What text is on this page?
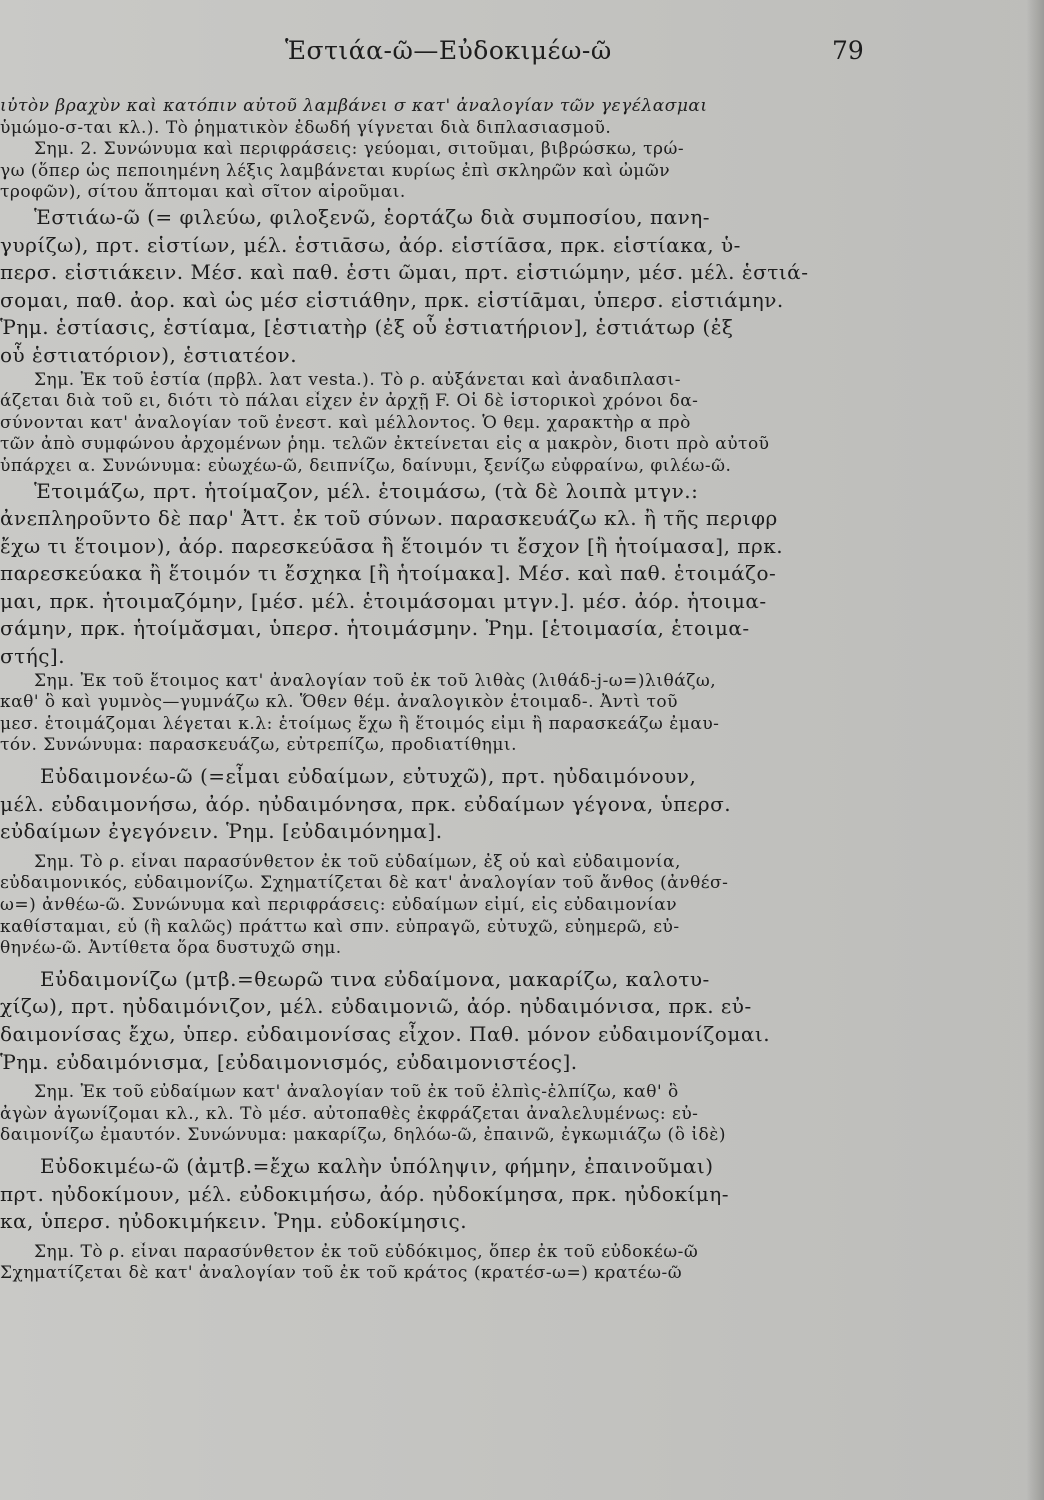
Ἑστιάα-ῶ—Εὐδοκιμέω-ῶ	79
ιὐτὸν βραχὺν καὶ κατόπιν αὐτοῦ λαμβάνει σ κατ' ἀναλογίαν τῶν γεγέλασμαι
ὑμώμο-σ-ται κλ.). Τὸ ῥηματικὸν ἐδωδή γίγνεται διὰ διπλασιασμοῦ.
Σημ. 2. Συνώνυμα καὶ περιφράσεις: γεύομαι, σιτοῦμαι, βιβρώσκω, τρώ-
γω (ὅπερ ὡς πεποιημένη λέξις λαμβάνεται κυρίως ἐπὶ σκληρῶν καὶ ὠμῶν
τροφῶν), σίτου ἅπτομαι καὶ σῖτον αἱροῦμαι.
Ἑστιάω-ῶ (= φιλεύω, φιλοξενῶ, ἑορτάζω διὰ συμποσίου, πανη-
γυρίζω), πρτ. εἱστίων, μέλ. ἑστιᾱσω, ἀόρ. εἱστίᾱσα, πρκ. εἱστίακα, ὑ-
περσ. εἱστιάκειν. Μέσ. καὶ παθ. ἑστι ῶμαι, πρτ. εἱστιώμην, μέσ. μέλ. ἑστιά-
σομαι, παθ. ἀορ. καὶ ὡς μέσ εἱστιάθην, πρκ. εἱστίᾱμαι, ὑπερσ. εἱστιάμην.
Ῥημ. ἑστίασις, ἑστίαμα, [ἑστιατὴρ (ἐξ οὗ ἑστιατήριον], ἑστιάτωρ (ἐξ
οὗ ἑστιατόριον), ἑστιατέον.
Σημ. Ἐκ τοῦ ἑστία (πρβλ. λατ vesta.). Τὸ ρ. αὐξάνεται καὶ ἀναδιπλασι-
άζεται διὰ τοῦ ει, διότι τὸ πάλαι εἶχεν ἐν ἀρχῇ F. Οἱ δὲ ἱστορικοὶ χρόνοι δα-
σύνονται κατ' ἀναλογίαν τοῦ ἐνεστ. καὶ μέλλοντος. Ὁ θεμ. χαρακτὴρ α πρὸ
τῶν ἀπὸ συμφώνου ἀρχομένων ῥημ. τελῶν ἐκτείνεται εἰς α μακρὸν, διοτι πρὸ αὐτοῦ
ὑπάρχει α. Συνώνυμα: εὐωχέω-ῶ, δειπνίζω, δαίνυμι, ξενίζω εὐφραίνω, φιλέω-ῶ.
Ἑτοιμάζω, πρτ. ἡτοίμαζον, μέλ. ἑτοιμάσω, (τὰ δὲ λοιπὰ μτγν.:
ἀνεπληροῦντο δὲ παρ' Ἀττ. ἐκ τοῦ σύνων. παρασκευάζω κλ. ἢ τῆς περιφρ
ἔχω τι ἕτοιμον), ἀόρ. παρεσκεύᾱσα ἢ ἕτοιμόν τι ἔσχον [ἢ ἡτοίμασα], πρκ.
παρεσκεύακα ἢ ἕτοιμόν τι ἔσχηκα [ἢ ἡτοίμακα]. Μέσ. καὶ παθ. ἑτοιμάζο-
μαι, πρκ. ἡτοιμαζόμην, [μέσ. μέλ. ἑτοιμάσομαι μτγν.]. μέσ. ἀόρ. ἡτοιμα-
σάμην, πρκ. ἡτοίμᾰσμαι, ὑπερσ. ἡτοιμάσμην. Ῥημ. [ἑτοιμασία, ἑτοιμα-
στής].
Σημ. Ἐκ τοῦ ἕτοιμος κατ' ἀναλογίαν τοῦ ἐκ τοῦ λιθὰς (λιθάδ-j-ω=)λιθάζω,
καθ' ὃ καὶ γυμνὸς—γυμνάζω κλ. Ὅθεν θέμ. ἀναλογικὸν ἑτοιμαδ-. Ἀντὶ τοῦ
μεσ. ἑτοιμάζομαι λέγεται κ.λ: ἑτοίμως ἔχω ἢ ἕτοιμός εἰμι ἢ παρασκεάζω ἐμαυ-
τόν. Συνώνυμα: παρασκευάζω, εὐτρεπίζω, προδιατίθημι.
Εὐδαιμονέω-ῶ (=εἶμαι εὐδαίμων, εὐτυχῶ), πρτ. ηὐδαιμόνουν,
μέλ. εὐδαιμονήσω, ἀόρ. ηὐδαιμόνησα, πρκ. εὐδαίμων γέγονα, ὑπερσ.
εὐδαίμων ἐγεγόνειν. Ῥημ. [εὐδαιμόνημα].
Σημ. Τὸ ρ. εἶναι παρασύνθετον ἐκ τοῦ εὐδαίμων, ἐξ οὗ καὶ εὐδαιμονία,
εὐδαιμονικός, εὐδαιμονίζω. Σχηματίζεται δὲ κατ' ἀναλογίαν τοῦ ἄνθος (ἀνθέσ-
ω=) ἀνθέω-ῶ. Συνώνυμα καὶ περιφράσεις: εὐδαίμων εἰμί, εἰς εὐδαιμονίαν
καθίσταμαι, εὖ (ἢ καλῶς) πράττω καὶ σπν. εὐπραγῶ, εὐτυχῶ, εὐημερῶ, εὐ-
θηνέω-ῶ. Ἀντίθετα ὅρα δυστυχῶ σημ.
Εὐδαιμονίζω (μτβ.=θεωρῶ τινα εὐδαίμονα, μακαρίζω, καλοτυ-
χίζω), πρτ. ηὐδαιμόνιζον, μέλ. εὐδαιμονιῶ, ἀόρ. ηὐδαιμόνισα, πρκ. εὐ-
δαιμονίσας ἔχω, ὑπερ. εὐδαιμονίσας εἶχον. Παθ. μόνον εὐδαιμονίζομαι.
Ῥημ. εὐδαιμόνισμα, [εὐδαιμονισμός, εὐδαιμονιστέος].
Σημ. Ἐκ τοῦ εὐδαίμων κατ' ἀναλογίαν τοῦ ἐκ τοῦ ἐλπὶς-ἐλπίζω, καθ' ὃ
ἀγὼν ἀγωνίζομαι κλ., κλ. Τὸ μέσ. αὐτοπαθὲς ἐκφράζεται ἀναλελυμένως: εὐ-
δαιμονίζω ἐμαυτόν. Συνώνυμα: μακαρίζω, δηλόω-ῶ, ἐπαινῶ, ἐγκωμιάζω (ὃ ἰδὲ)
Εὐδοκιμέω-ῶ (ἀμτβ.=ἔχω καλὴν ὑπόληψιν, φήμην, ἐπαινοῦμαι)
πρτ. ηὐδοκίμουν, μέλ. εὐδοκιμήσω, ἀόρ. ηὐδοκίμησα, πρκ. ηὐδοκίμη-
κα, ὑπερσ. ηὐδοκιμήκειν. Ῥημ. εὐδοκίμησις.
Σημ. Τὸ ρ. εἶναι παρασύνθετον ἐκ τοῦ εὐδόκιμος, ὅπερ ἐκ τοῦ εὐδοκέω-ῶ
Σχηματίζεται δὲ κατ' ἀναλογίαν τοῦ ἐκ τοῦ κράτος (κρατέσ-ω=) κρατέω-ῶ
